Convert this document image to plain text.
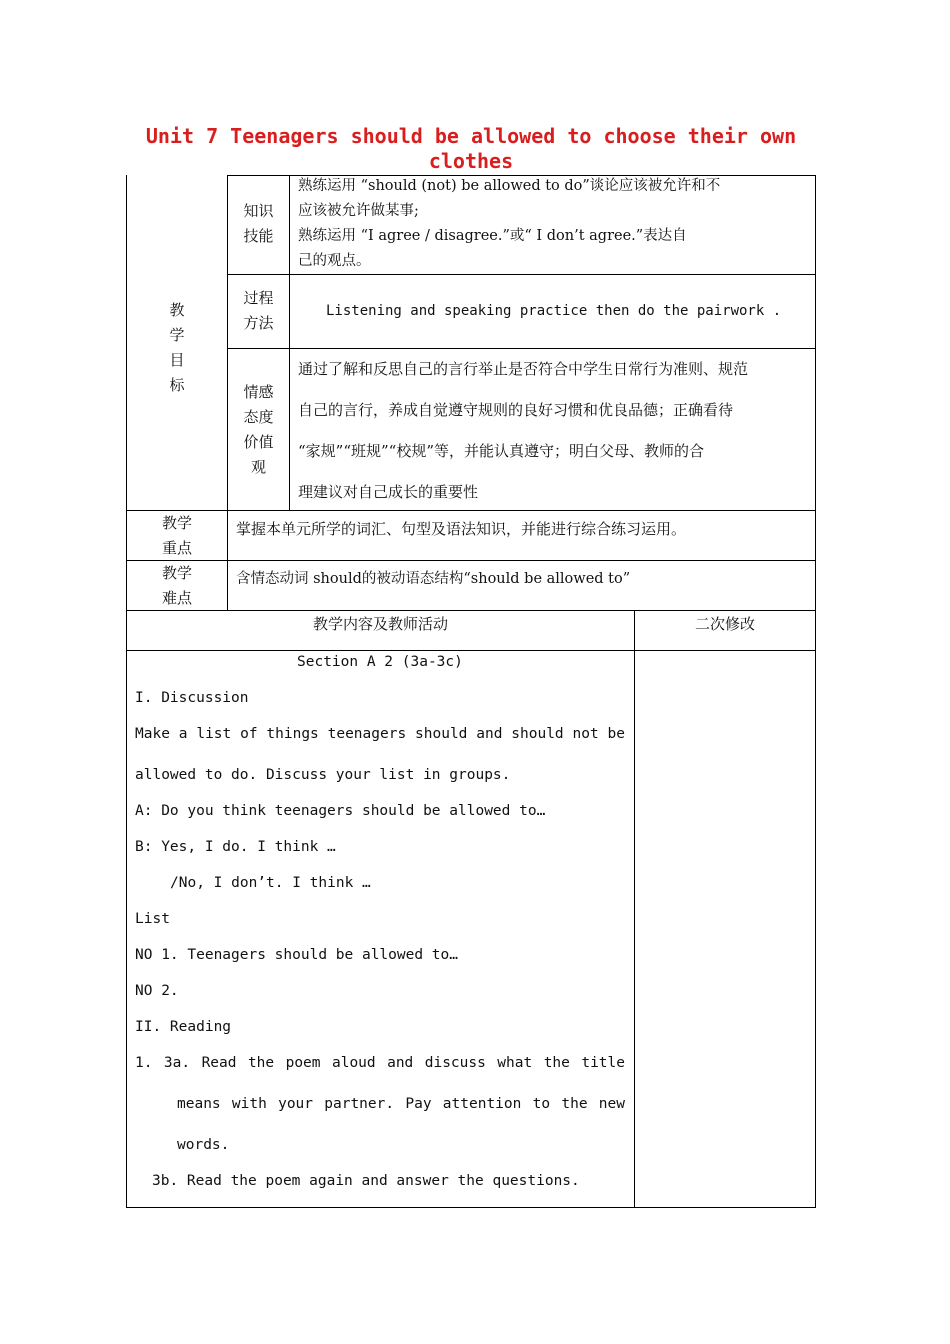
Unit 7 Teenagers should be allowed to choose their own clothes
教
学
目
标
知识
技能
熟练运用 “should (not) be allowed to do”谈论应该被允许和不
应该被允许做某事;
熟练运用 “I agree / disagree.”或“ I don’t agree.”表达自
己的观点。
过程
方法
Listening and speaking practice then do the pairwork .
情感
态度
价值
观
通过了解和反思自己的言行举止是否符合中学生日常行为准则、规范
自己的言行，养成自觉遵守规则的良好习惯和优良品德；正确看待
“家规”“班规”“校规”等，并能认真遵守；明白父母、教师的合
理建议对自己成长的重要性
教学
重点
掌握本单元所学的词汇、句型及语法知识，并能进行综合练习运用。
教学
难点
含情态动词 should的被动语态结构“should be allowed to”
教学内容及教师活动	二次修改
Section A 2 (3a-3c)
I. Discussion
Make a list of things teenagers should and should not be
allowed to do. Discuss your list in groups.
A: Do you think teenagers should be allowed to…
B: Yes, I do. I think …
/No, I don’t. I think …
List
NO 1. Teenagers should be allowed to…
NO 2.
II. Reading
1. 3a. Read the poem aloud and discuss what the title
means with your partner. Pay attention to the new
words.
3b. Read the poem again and answer the questions.
